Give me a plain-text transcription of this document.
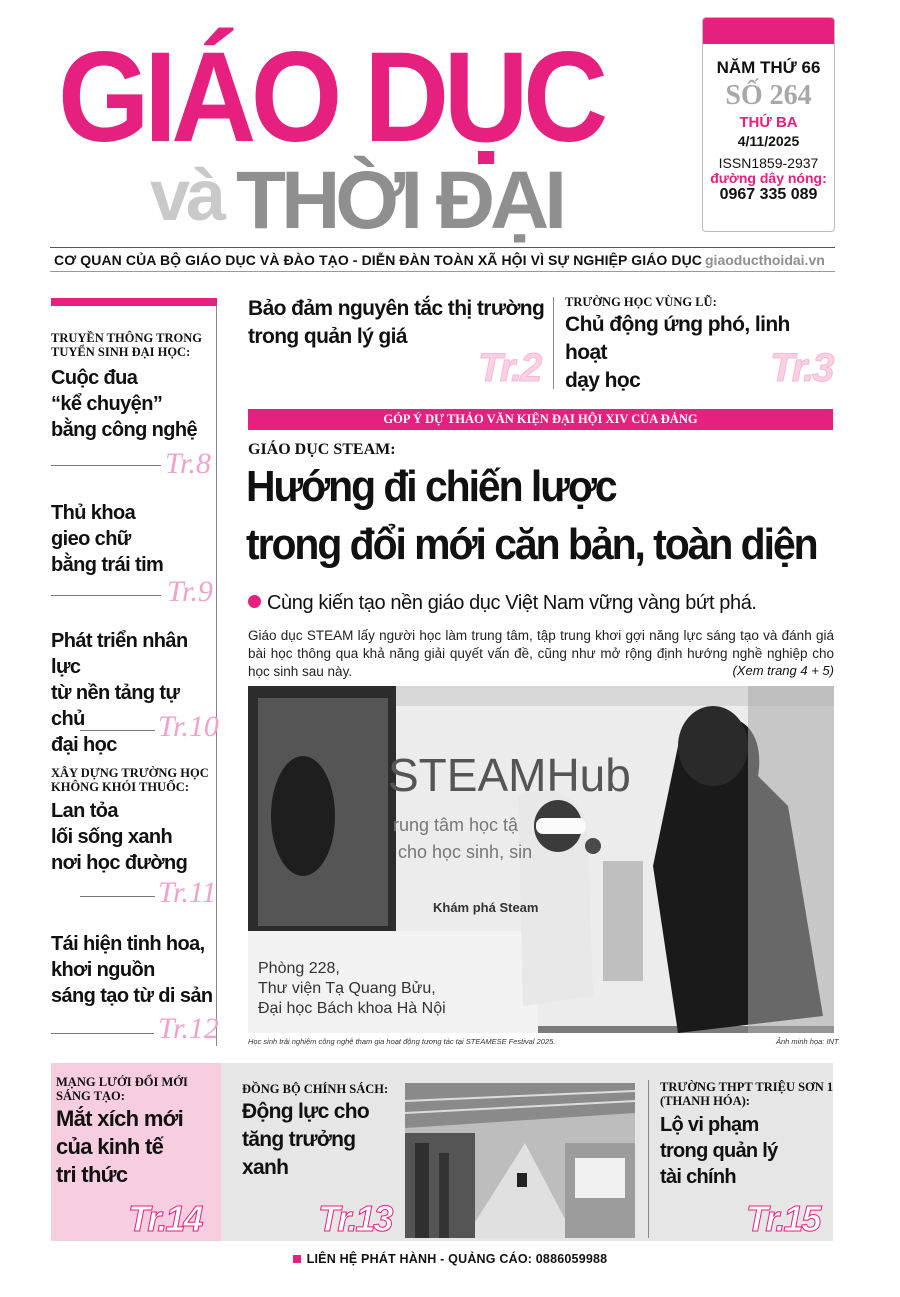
GIÁO DỤC
và THỜI ĐẠI
NĂM THỨ 66
SỐ 264
THỨ BA
4/11/2025
ISSN1859-2937
đường dây nóng:
0967 335 089
CƠ QUAN CỦA BỘ GIÁO DỤC VÀ ĐÀO TẠO - DIỄN ĐÀN TOÀN XÃ HỘI VÌ SỰ NGHIỆP GIÁO DỤC giaoducthoidai.vn
TRUYỀN THÔNG TRONG TUYỂN SINH ĐẠI HỌC:
Cuộc đua
“kể chuyện”
bằng công nghệ
Tr.8
Thủ khoa
gieo chữ
bằng trái tim
Tr.9
Phát triển nhân lực
từ nền tảng tự chủ
đại học
Tr.10
XÂY DỰNG TRƯỜNG HỌC KHÔNG KHÓI THUỐC:
Lan tỏa
lối sống xanh
nơi học đường
Tr.11
Tái hiện tinh hoa,
khơi nguồn
sáng tạo từ di sản
Tr.12
Bảo đảm nguyên tắc thị trường
trong quản lý giá
Tr.2
TRƯỜNG HỌC VÙNG LŨ:
Chủ động ứng phó, linh hoạt
dạy học	Tr.3
GÓP Ý DỰ THẢO VĂN KIỆN ĐẠI HỘI XIV CỦA ĐẢNG
GIÁO DỤC STEAM:
Hướng đi chiến lược
trong đổi mới căn bản, toàn diện
Cùng kiến tạo nền giáo dục Việt Nam vững vàng bứt phá.
Giáo dục STEAM lấy người học làm trung tâm, tập trung khơi gợi năng lực sáng tạo và đánh giá bài học thông qua khả năng giải quyết vấn đề, cũng như mở rộng định hướng nghề nghiệp cho học sinh sau này.	(Xem trang 4 + 5)
STEAMHub
rung tâm học tậ
cho học sinh, sin
Khám phá Steam
Phòng 228,
Thư viện Tạ Quang Bửu,
Đại học Bách khoa Hà Nội
Học sinh trải nghiệm công nghệ tham gia hoạt động tương tác tại STEAMESE Festival 2025.	Ảnh minh họa: INT
MẠNG LƯỚI ĐỔI MỚI
SÁNG TẠO:
Mắt xích mới
của kinh tế
tri thức
Tr.14
ĐỒNG BỘ CHÍNH SÁCH:
Động lực cho
tăng trưởng xanh
Tr.13
TRƯỜNG THPT TRIỆU SƠN 1
(THANH HÓA):
Lộ vi phạm
trong quản lý
tài chính
Tr.15
LIÊN HỆ PHÁT HÀNH - QUẢNG CÁO: 0886059988
